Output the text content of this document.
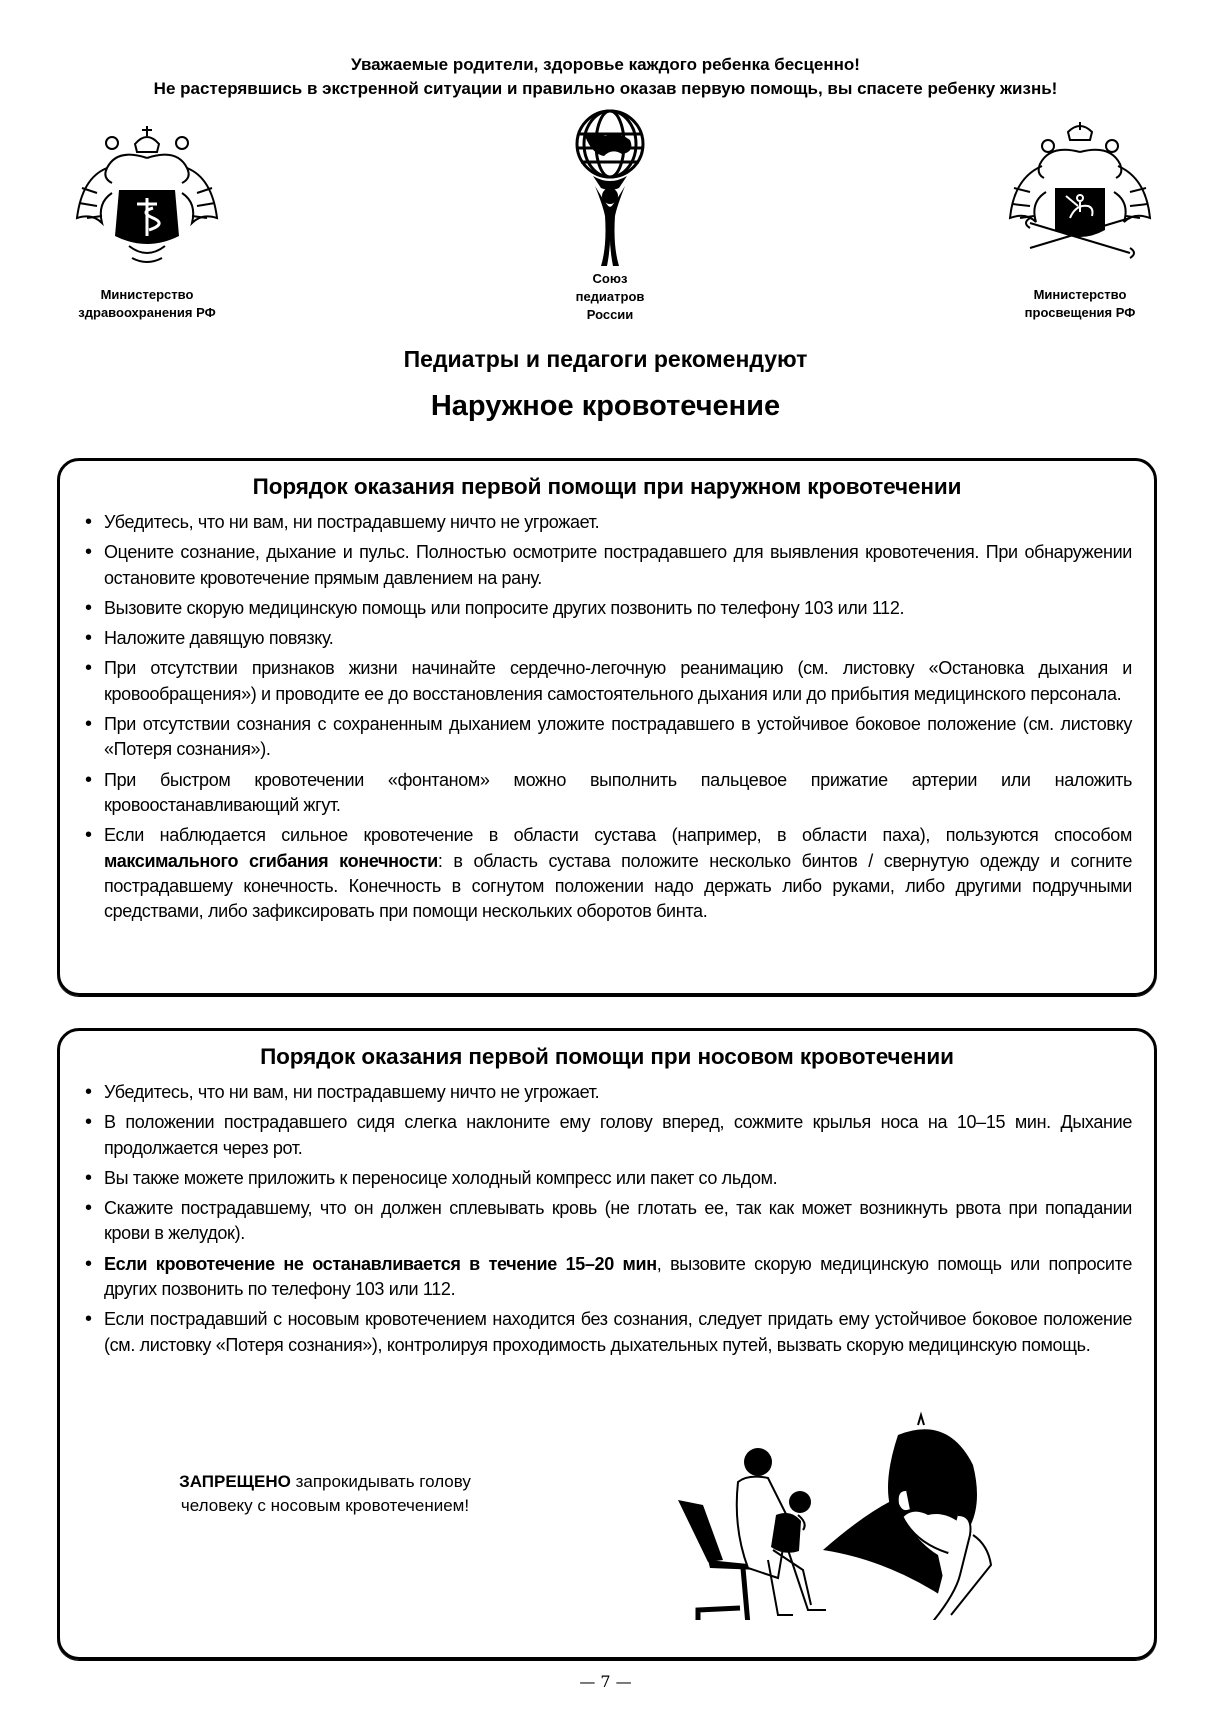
Уважаемые родители, здоровье каждого ребенка бесценно!
Не растерявшись в экстренной ситуации и правильно оказав первую помощь, вы спасете ребенку жизнь!
Министерство
здравоохранения РФ
Союз
педиатров
России
Министерство
просвещения РФ
Педиатры и педагоги рекомендуют
Наружное кровотечение
Порядок оказания первой помощи при наружном кровотечении
• Убедитесь, что ни вам, ни пострадавшему ничто не угрожает.
• Оцените сознание, дыхание и пульс. Полностью осмотрите пострадавшего для выявления кровотечения. При обнаружении остановите кровотечение прямым давлением на рану.
• Вызовите скорую медицинскую помощь или попросите других позвонить по телефону 103 или 112.
• Наложите давящую повязку.
• При отсутствии признаков жизни начинайте сердечно-легочную реанимацию (см. листовку «Остановка дыхания и кровообращения») и проводите ее до восстановления самостоятельного дыхания или до прибытия медицинского персонала.
• При отсутствии сознания с сохраненным дыханием уложите пострадавшего в устойчивое боковое положение (см. листовку «Потеря сознания»).
• При быстром кровотечении «фонтаном» можно выполнить пальцевое прижатие артерии или наложить кровоостанавливающий жгут.
• Если наблюдается сильное кровотечение в области сустава (например, в области паха), пользуются способом максимального сгибания конечности: в область сустава положите несколько бинтов / свернутую одежду и согните пострадавшему конечность. Конечность в согнутом положении надо держать либо руками, либо другими подручными средствами, либо зафиксировать при помощи нескольких оборотов бинта.
Порядок оказания первой помощи при носовом кровотечении
• Убедитесь, что ни вам, ни пострадавшему ничто не угрожает.
• В положении пострадавшего сидя слегка наклоните ему голову вперед, сожмите крылья носа на 10–15 мин. Дыхание продолжается через рот.
• Вы также можете приложить к переносице холодный компресс или пакет со льдом.
• Скажите пострадавшему, что он должен сплевывать кровь (не глотать ее, так как может возникнуть рвота при попадании крови в желудок).
• Если кровотечение не останавливается в течение 15–20 мин, вызовите скорую медицинскую помощь или попросите других позвонить по телефону 103 или 112.
• Если пострадавший с носовым кровотечением находится без сознания, следует придать ему устойчивое боковое положение (см. листовку «Потеря сознания»), контролируя проходимость дыхательных путей, вызвать скорую медицинскую помощь.
ЗАПРЕЩЕНО запрокидывать голову
человеку с носовым кровотечением!
— 7 —
